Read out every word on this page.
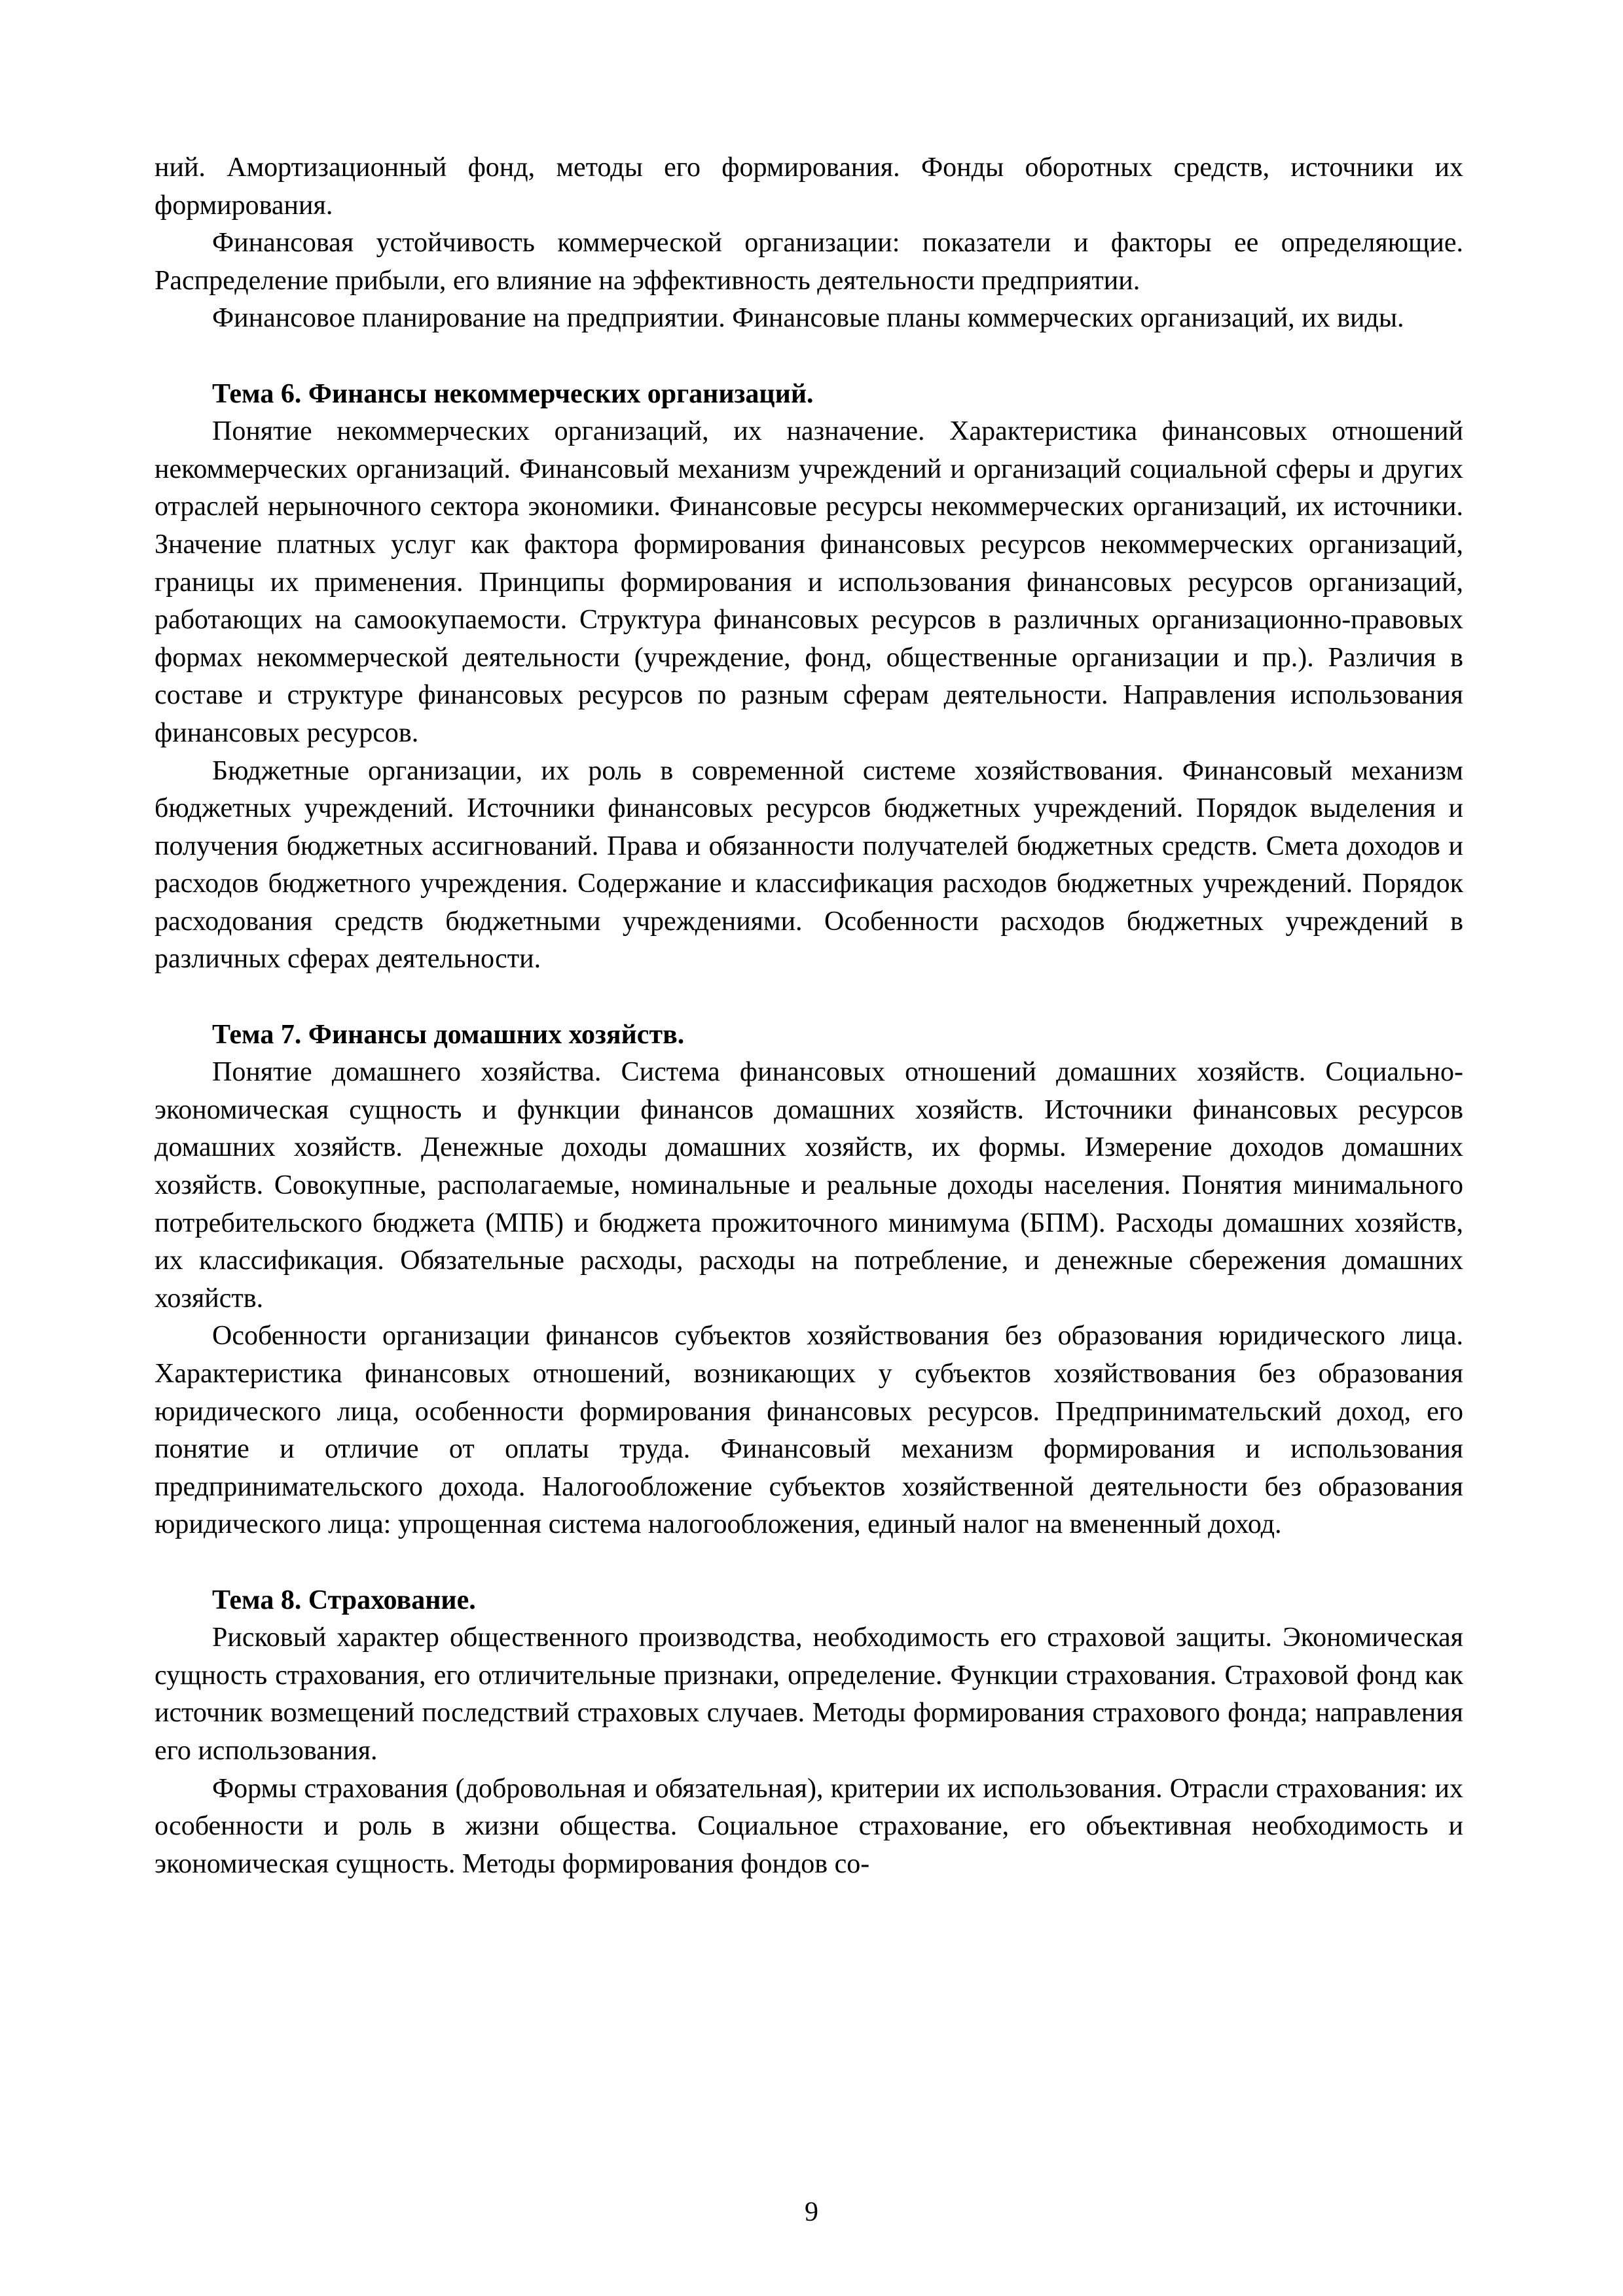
ний. Амортизационный фонд, методы его формирования. Фонды оборотных средств, источники их формирования.

Финансовая устойчивость коммерческой организации: показатели и факторы ее определяющие. Распределение прибыли, его влияние на эффективность деятельности предприятии.

Финансовое планирование на предприятии. Финансовые планы коммерческих организаций, их виды.

Тема 6. Финансы некоммерческих организаций.

Понятие некоммерческих организаций, их назначение. Характеристика финансовых отношений некоммерческих организаций. Финансовый механизм учреждений и организаций социальной сферы и других отраслей нерыночного сектора экономики. Финансовые ресурсы некоммерческих организаций, их источники. Значение платных услуг как фактора формирования финансовых ресурсов некоммерческих организаций, границы их применения. Принципы формирования и использования финансовых ресурсов организаций, работающих на самоокупаемости. Структура финансовых ресурсов в различных организационно-правовых формах некоммерческой деятельности (учреждение, фонд, общественные организации и пр.). Различия в составе и структуре финансовых ресурсов по разным сферам деятельности. Направления использования финансовых ресурсов.

Бюджетные организации, их роль в современной системе хозяйствования. Финансовый механизм бюджетных учреждений. Источники финансовых ресурсов бюджетных учреждений. Порядок выделения и получения бюджетных ассигнований. Права и обязанности получателей бюджетных средств. Смета доходов и расходов бюджетного учреждения. Содержание и классификация расходов бюджетных учреждений. Порядок расходования средств бюджетными учреждениями. Особенности расходов бюджетных учреждений в различных сферах деятельности.

Тема 7. Финансы домашних хозяйств.

Понятие домашнего хозяйства. Система финансовых отношений домашних хозяйств. Социально-экономическая сущность и функции финансов домашних хозяйств. Источники финансовых ресурсов домашних хозяйств. Денежные доходы домашних хозяйств, их формы. Измерение доходов домашних хозяйств. Совокупные, располагаемые, номинальные и реальные доходы населения. Понятия минимального потребительского бюджета (МПБ) и бюджета прожиточного минимума (БПМ). Расходы домашних хозяйств, их классификация. Обязательные расходы, расходы на потребление, и денежные сбережения домашних хозяйств.

Особенности организации финансов субъектов хозяйствования без образования юридического лица. Характеристика финансовых отношений, возникающих у субъектов хозяйствования без образования юридического лица, особенности формирования финансовых ресурсов. Предпринимательский доход, его понятие и отличие от оплаты труда. Финансовый механизм формирования и использования предпринимательского дохода. Налогообложение субъектов хозяйственной деятельности без образования юридического лица: упрощенная система налогообложения, единый налог на вмененный доход.

Тема 8. Страхование.

Рисковый характер общественного производства, необходимость его страховой защиты. Экономическая сущность страхования, его отличительные признаки, определение. Функции страхования. Страховой фонд как источник возмещений последствий страховых случаев. Методы формирования страхового фонда; направления его использования.

Формы страхования (добровольная и обязательная), критерии их использования. Отрасли страхования: их особенности и роль в жизни общества. Социальное страхование, его объективная необходимость и экономическая сущность. Методы формирования фондов со-

9
